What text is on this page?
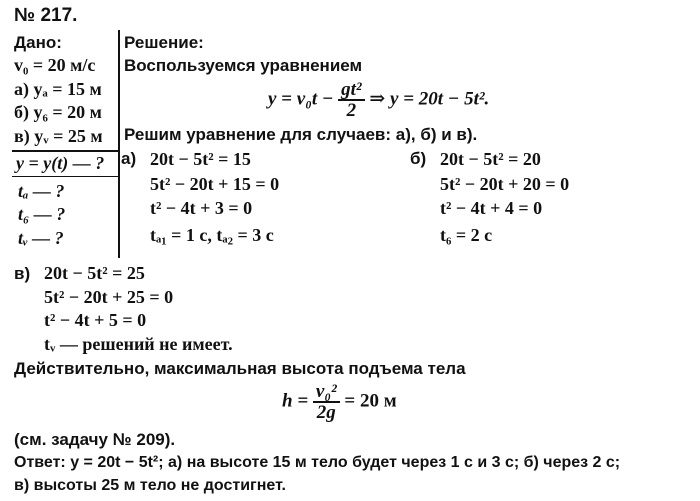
№ 217.
Дано:
v₀ = 20 м/с
а) yₐ = 15 м
б) y₆ = 20 м
в) yᵥ = 25 м
y = y(t) — ?
tₐ — ?
t₆ — ?
tᵥ — ?
Решение:
Воспользуемся уравнением
$y = v_0t - \frac{\text{gt²}}{2}$ ⇒ y = 20t − 5t².
Решим уравнение для случаев: а), б) и в).
а) 20t − 5t² = 15
5t² − 20t + 15 = 0
t² − 4t + 3 = 0
tₐ₁ = 1 с, tₐ₂ = 3 с
б) 20t − 5t² = 20
5t² − 20t + 20 = 0
t² − 4t + 4 = 0
t₆ = 2 с
в) 20t − 5t² = 25
5t² − 20t + 25 = 0
t² − 4t + 5 = 0
tᵥ — решений не имеет.
Действительно, максимальная высота подъема тела
$h = \frac{\text{v₀²}}{2g} = 20$ м
(см. задачу № 209).
Ответ: y = 20t − 5t²; а) на высоте 15 м тело будет через 1 с и 3 с; б) через 2 с;
в) высоты 25 м тело не достигнет.
